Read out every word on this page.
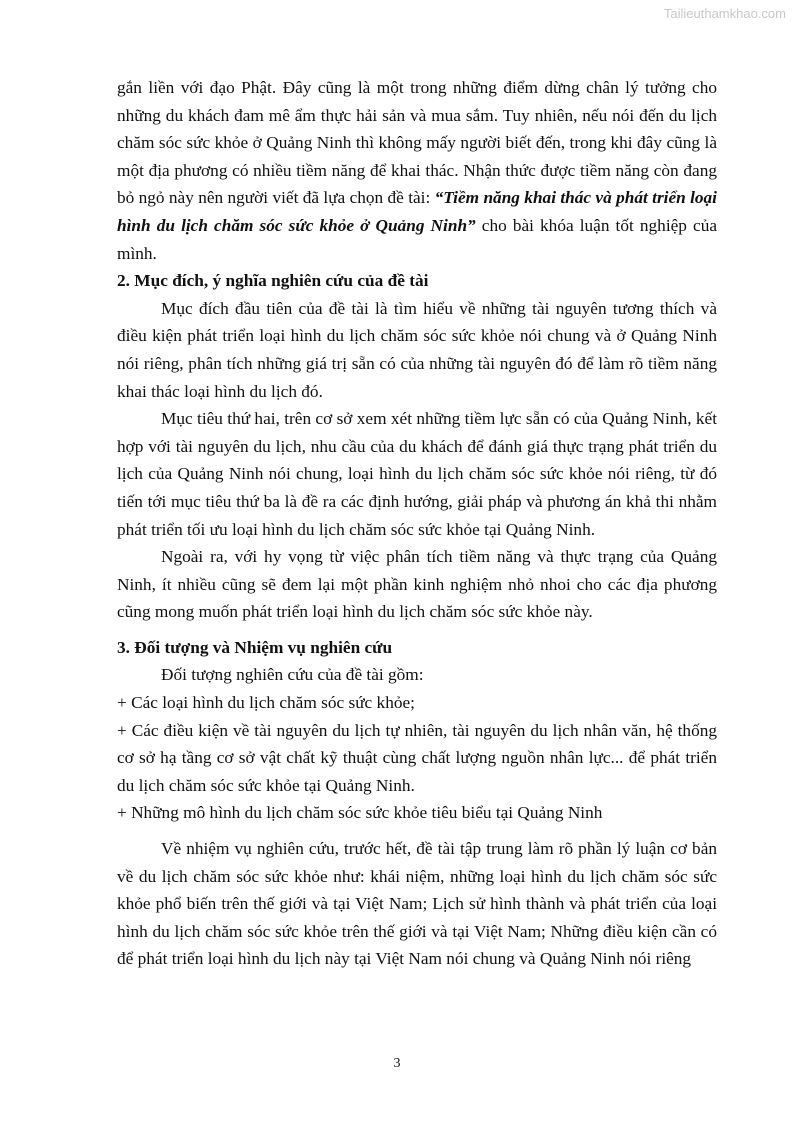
Tailieuthamkhao.com

gắn liền với đạo Phật. Đây cũng là một trong những điểm dừng chân lý tưởng cho những du khách đam mê ẩm thực hải sản và mua sắm. Tuy nhiên, nếu nói đến du lịch chăm sóc sức khỏe ở Quảng Ninh thì không mấy người biết đến, trong khi đây cũng là một địa phương có nhiều tiềm năng để khai thác. Nhận thức được tiềm năng còn đang bỏ ngỏ này nên người viết đã lựa chọn đề tài: “Tiềm năng khai thác và phát triển loại hình du lịch chăm sóc sức khỏe ở Quảng Ninh” cho bài khóa luận tốt nghiệp của mình.

2. Mục đích, ý nghĩa nghiên cứu của đề tài

Mục đích đầu tiên của đề tài là tìm hiểu về những tài nguyên tương thích và điều kiện phát triển loại hình du lịch chăm sóc sức khỏe nói chung và ở Quảng Ninh nói riêng, phân tích những giá trị sẵn có của những tài nguyên đó để làm rõ tiềm năng khai thác loại hình du lịch đó.

Mục tiêu thứ hai, trên cơ sở xem xét những tiềm lực sẵn có của Quảng Ninh, kết hợp với tài nguyên du lịch, nhu cầu của du khách để đánh giá thực trạng phát triển du lịch của Quảng Ninh nói chung, loại hình du lịch chăm sóc sức khỏe nói riêng, từ đó tiến tới mục tiêu thứ ba là đề ra các định hướng, giải pháp và phương án khả thi nhằm phát triển tối ưu loại hình du lịch chăm sóc sức khỏe tại Quảng Ninh.

Ngoài ra, với hy vọng từ việc phân tích tiềm năng và thực trạng của Quảng Ninh, ít nhiều cũng sẽ đem lại một phần kinh nghiệm nhỏ nhoi cho các địa phương cũng mong muốn phát triển loại hình du lịch chăm sóc sức khỏe này.

3. Đối tượng và Nhiệm vụ nghiên cứu

Đối tượng nghiên cứu của đề tài gồm:

+ Các loại hình du lịch chăm sóc sức khỏe;

+ Các điều kiện về tài nguyên du lịch tự nhiên, tài nguyên du lịch nhân văn, hệ thống cơ sở hạ tầng cơ sở vật chất kỹ thuật cùng chất lượng nguồn nhân lực... để phát triển du lịch chăm sóc sức khỏe tại Quảng Ninh.

+ Những mô hình du lịch chăm sóc sức khỏe tiêu biểu tại Quảng Ninh

Về nhiệm vụ nghiên cứu, trước hết, đề tài tập trung làm rõ phần lý luận cơ bản về du lịch chăm sóc sức khỏe như: khái niệm, những loại hình du lịch chăm sóc sức khỏe phổ biến trên thế giới và tại Việt Nam; Lịch sử hình thành và phát triển của loại hình du lịch chăm sóc sức khỏe trên thế giới và tại Việt Nam; Những điều kiện cần có để phát triển loại hình du lịch này tại Việt Nam nói chung và Quảng Ninh nói riêng

3
